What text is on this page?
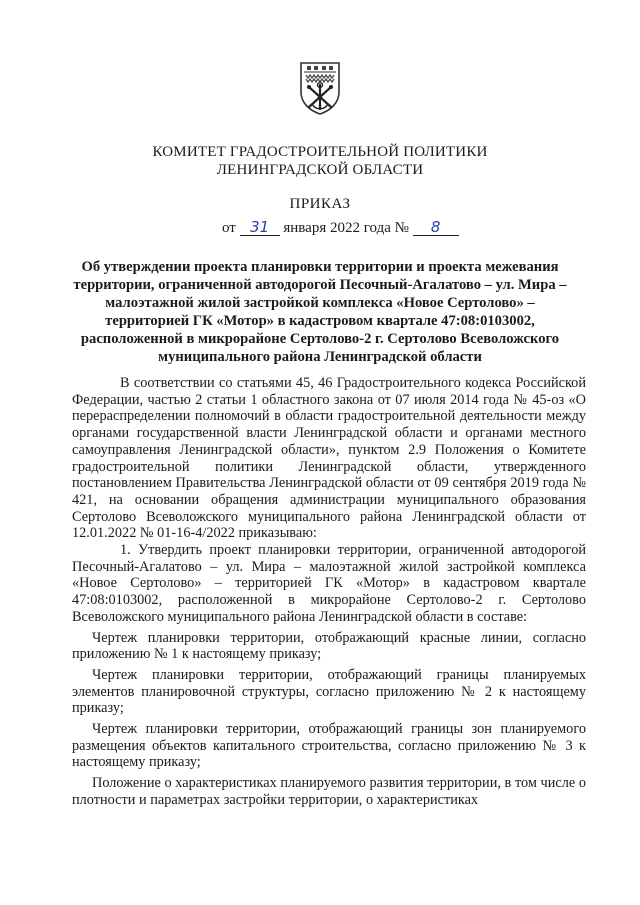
КОМИТЕТ ГРАДОСТРОИТЕЛЬНОЙ ПОЛИТИКИ
ЛЕНИНГРАДСКОЙ ОБЛАСТИ
ПРИКАЗ
от 31 января 2022 года № 8
Об утверждении проекта планировки территории и проекта межевания
территории, ограниченной автодорогой Песочный-Агалатово – ул. Мира –
малоэтажной жилой застройкой комплекса «Новое Сертолово» –
территорией ГК «Мотор» в кадастровом квартале 47:08:0103002,
расположенной в микрорайоне Сертолово-2 г. Сертолово Всеволожского
муниципального района Ленинградской области

В соответствии со статьями 45, 46 Градостроительного кодекса Российской Федерации, частью 2 статьи 1 областного закона от 07 июля 2014 года № 45-оз «О перераспределении полномочий в области градостроительной деятельности между органами государственной власти Ленинградской области и органами местного самоуправления Ленинградской области», пунктом 2.9 Положения о Комитете градостроительной политики Ленинградской области, утвержденного постановлением Правительства Ленинградской области от 09 сентября 2019 года № 421, на основании обращения администрации муниципального образования Сертолово Всеволожского муниципального района Ленинградской области от 12.01.2022 № 01-16-4/2022 приказываю:

1. Утвердить проект планировки территории, ограниченной автодорогой Песочный-Агалатово – ул. Мира – малоэтажной жилой застройкой комплекса «Новое Сертолово» – территорией ГК «Мотор» в кадастровом квартале 47:08:0103002, расположенной в микрорайоне Сертолово-2 г. Сертолово Всеволожского муниципального района Ленинградской области в составе:

Чертеж планировки территории, отображающий красные линии, согласно приложению № 1 к настоящему приказу;

Чертеж планировки территории, отображающий границы планируемых элементов планировочной структуры, согласно приложению № 2 к настоящему приказу;

Чертеж планировки территории, отображающий границы зон планируемого размещения объектов капитального строительства, согласно приложению № 3 к настоящему приказу;

Положение о характеристиках планируемого развития территории, в том числе о плотности и параметрах застройки территории, о характеристиках
